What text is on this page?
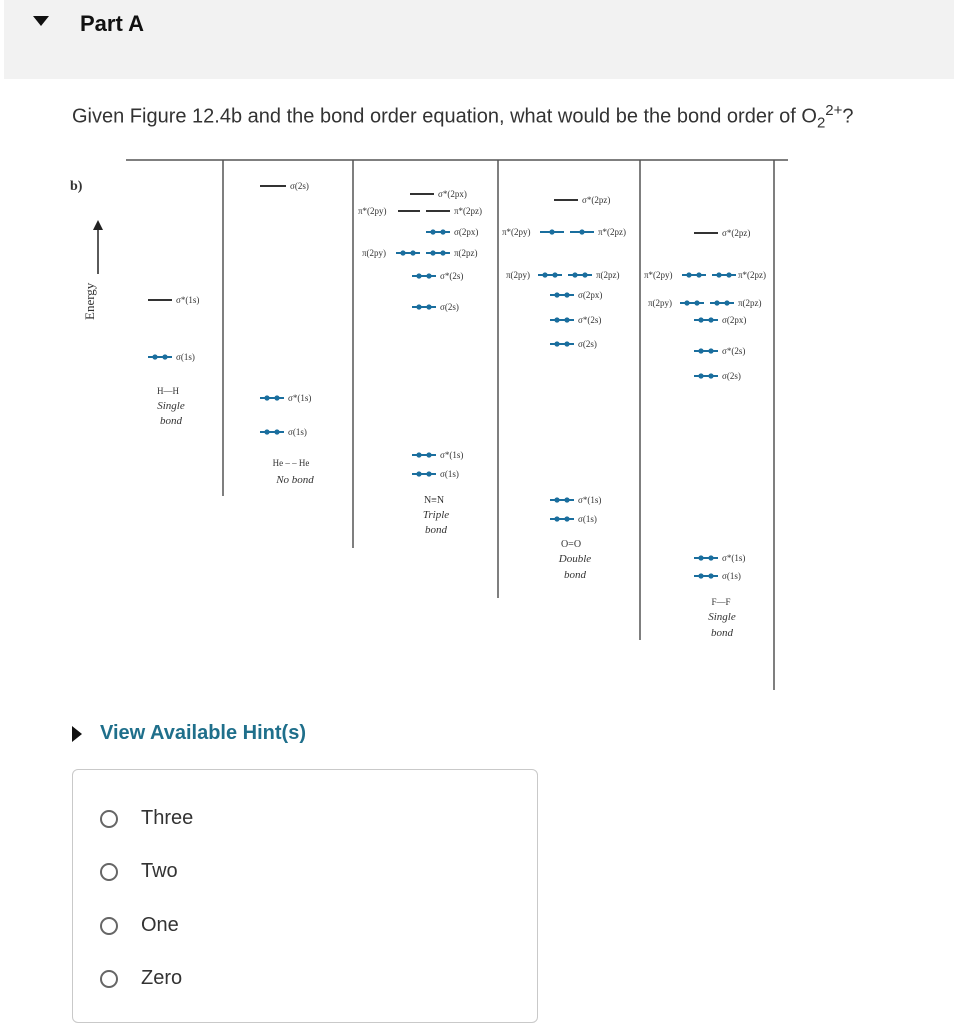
Part A
Given Figure 12.4b and the bond order equation, what would be the bond order of $O_2^{2+}$?
b)
Energy	σ*(1s)
σ(1s)
H—H
Single
bond
σ(2s)
σ*(1s)
σ(1s)
He – – He
No bond
σ*(2px)
π*(2py)	π*(2pz)
σ(2px)
π(2py)	π(2pz)
σ*(2s)
σ(2s)
σ*(1s)
σ(1s)
N≡N
Triple
bond
σ*(2pz)
π*(2py)	π*(2pz)
π(2py)	π(2pz)
σ(2px)
σ*(2s)
σ(2s)
σ*(1s)
σ(1s)
O=O
Double
bond
σ*(2pz)
π*(2py)	π*(2pz)
π(2py)	π(2pz)
σ(2px)
σ*(2s)
σ(2s)
σ*(1s)
σ(1s)
F—F
Single
bond
View Available Hint(s)
Three
Two
One
Zero
